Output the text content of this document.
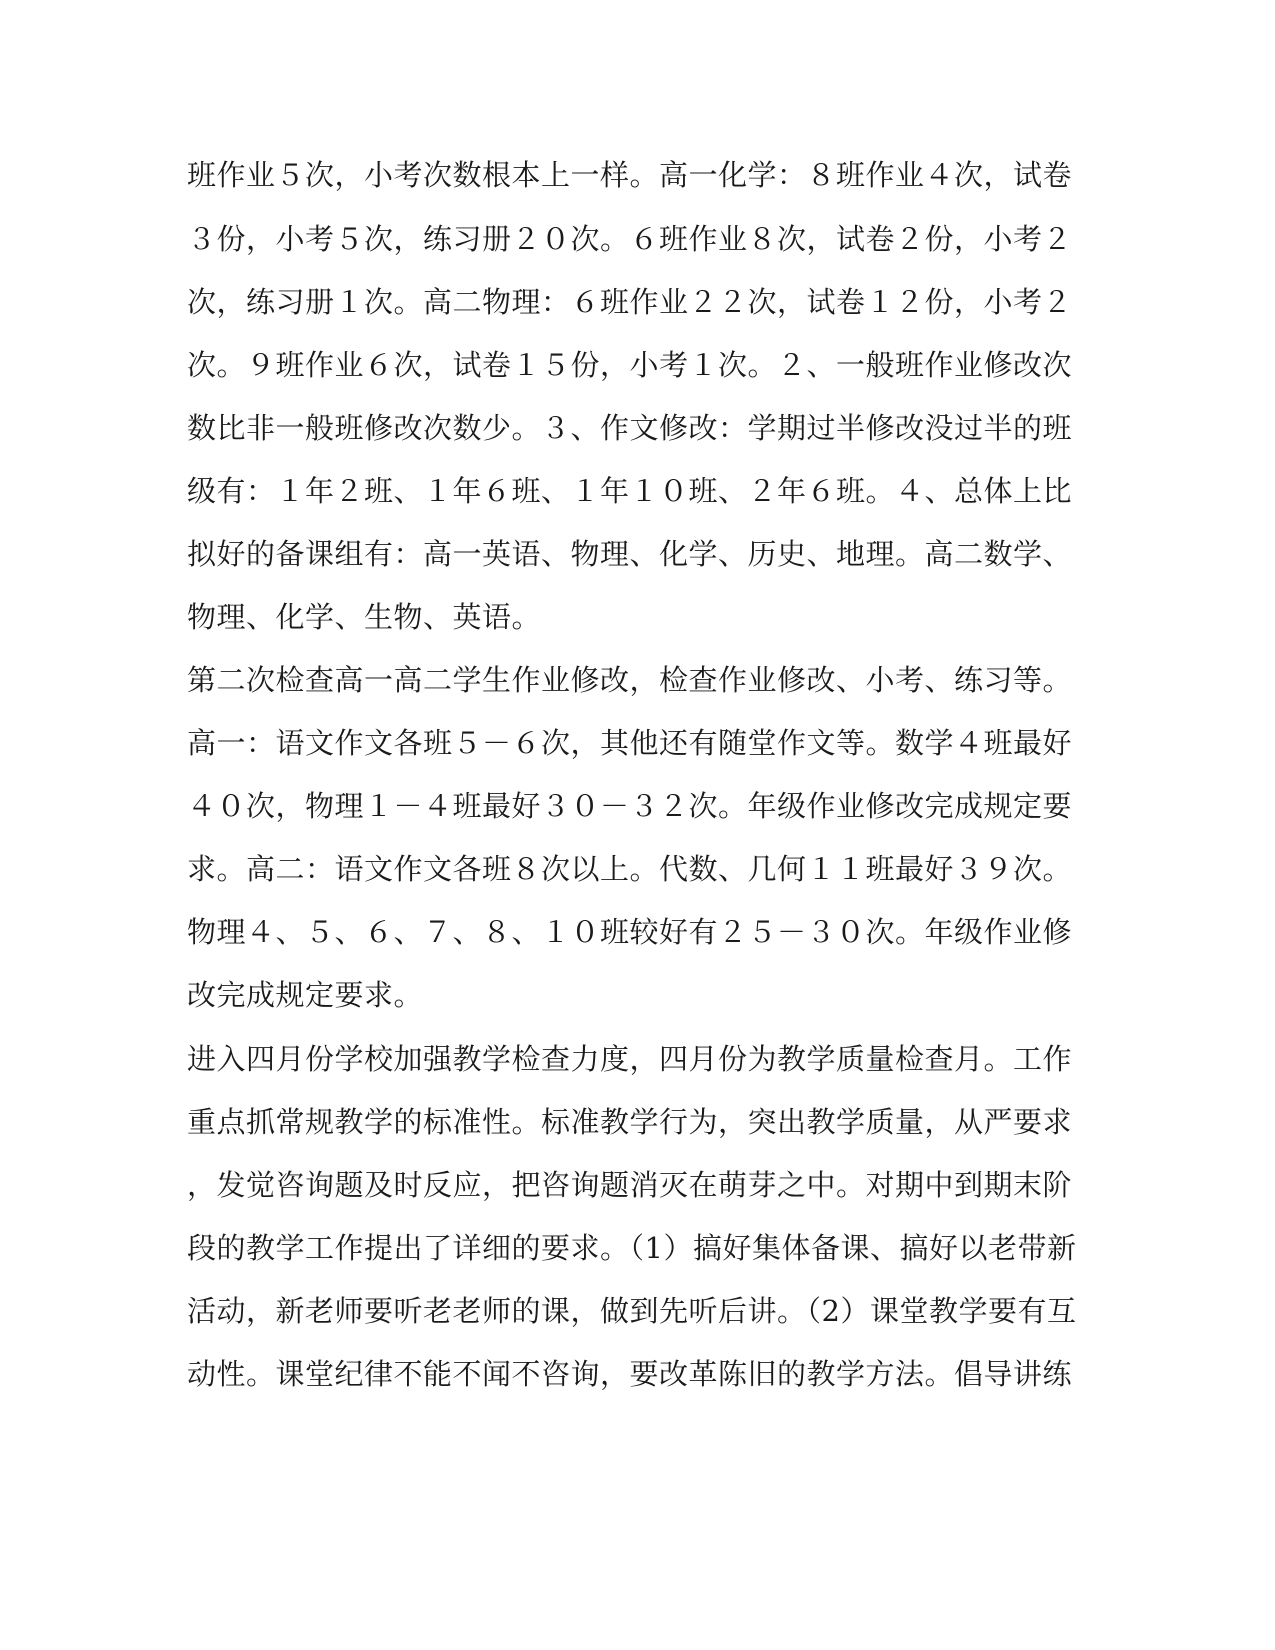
班作业５次，小考次数根本上一样。高一化学：８班作业４次，试卷
３份，小考５次，练习册２０次。６班作业８次，试卷２份，小考２
次，练习册１次。高二物理：６班作业２２次，试卷１２份，小考２
次。９班作业６次，试卷１５份，小考１次。２、一般班作业修改次
数比非一般班修改次数少。３、作文修改：学期过半修改没过半的班
级有：１年２班、１年６班、１年１０班、２年６班。４、总体上比
拟好的备课组有：高一英语、物理、化学、历史、地理。高二数学、
物理、化学、生物、英语。
第二次检查高一高二学生作业修改，检查作业修改、小考、练习等。
高一：语文作文各班５－６次，其他还有随堂作文等。数学４班最好
４０次，物理１－４班最好３０－３２次。年级作业修改完成规定要
求。高二：语文作文各班８次以上。代数、几何１１班最好３９次。
物理４、５、６、７、８、１０班较好有２５－３０次。年级作业修
改完成规定要求。
进入四月份学校加强教学检查力度，四月份为教学质量检查月。工作
重点抓常规教学的标准性。标准教学行为，突出教学质量，从严要求
，发觉咨询题及时反应，把咨询题消灭在萌芽之中。对期中到期末阶
段的教学工作提出了详细的要求。（1）搞好集体备课、搞好以老带新
活动，新老师要听老老师的课，做到先听后讲。（2）课堂教学要有互
动性。课堂纪律不能不闻不咨询，要改革陈旧的教学方法。倡导讲练
